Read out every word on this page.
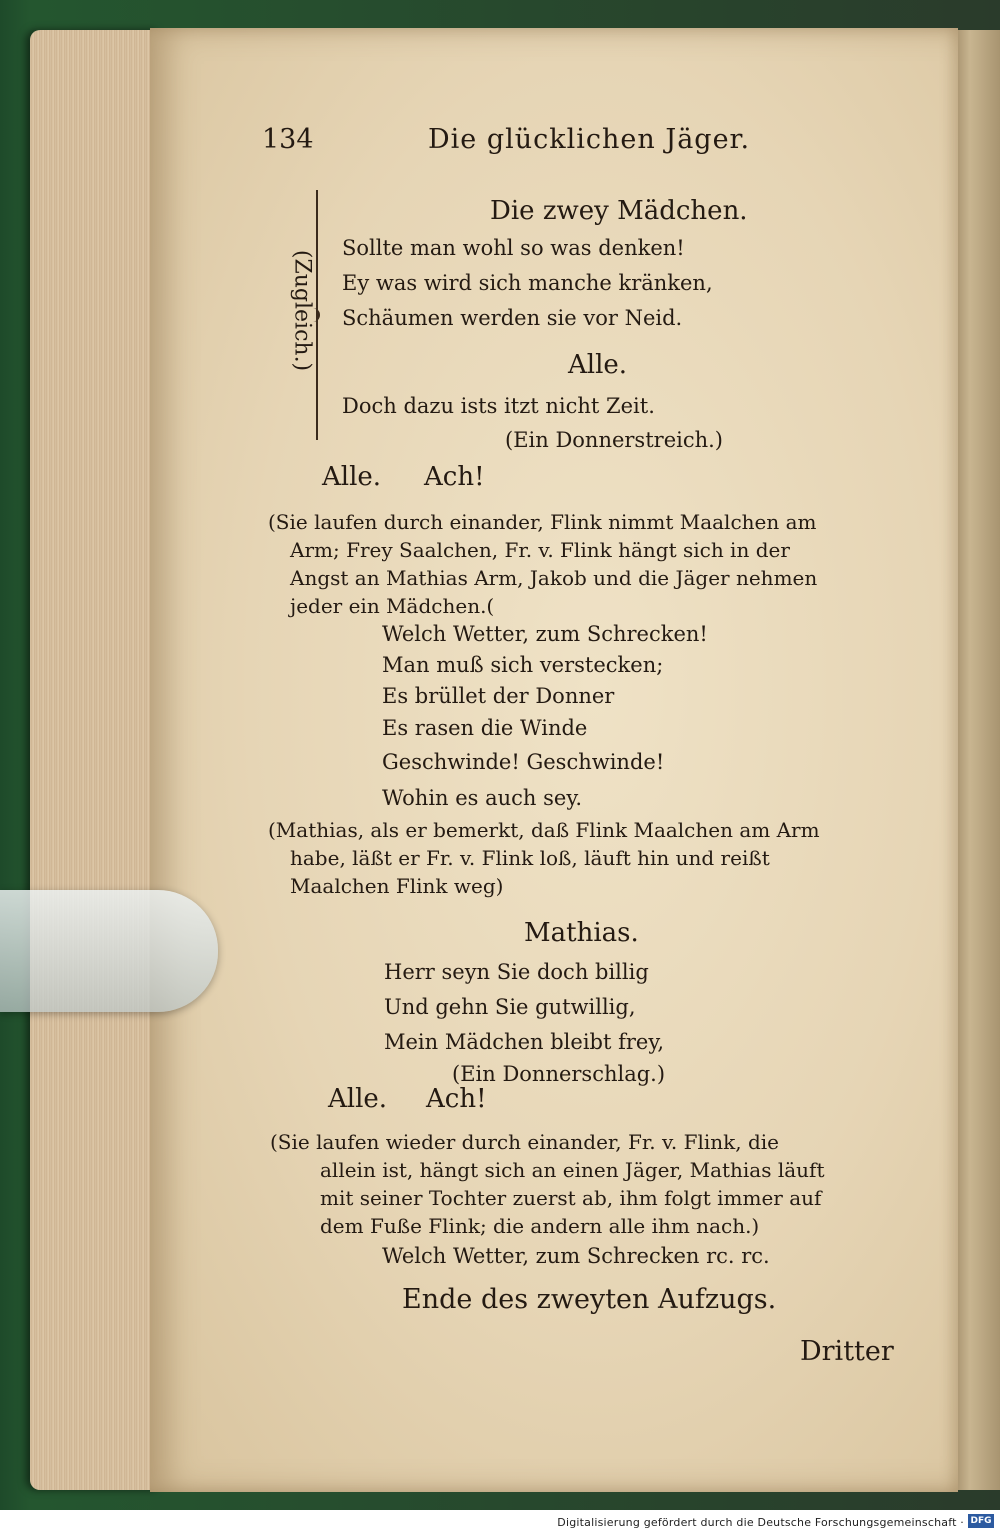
134	Die glücklichen Jäger.
(Zugleich.)
Die zwey Mädchen.
Sollte man wohl so was denken!
Ey was wird sich manche kränken,
Schäumen werden sie vor Neid.
Alle.
Doch dazu ists itzt nicht Zeit.
(Ein Donnerstreich.)
Alle. Ach!
(Sie laufen durch einander, Flink nimmt Maalchen am
Arm; Frey Saalchen, Fr. v. Flink hängt sich in der
Angst an Mathias Arm, Jakob und die Jäger nehmen
jeder ein Mädchen.(
Welch Wetter, zum Schrecken!
Man muß sich verstecken;
Es brüllet der Donner
Es rasen die Winde
Geschwinde! Geschwinde!
Wohin es auch sey.
(Mathias, als er bemerkt, daß Flink Maalchen am Arm
habe, läßt er Fr. v. Flink loß, läuft hin und reißt
Maalchen Flink weg)
Mathias.
Herr seyn Sie doch billig
Und gehn Sie gutwillig,
Mein Mädchen bleibt frey,
(Ein Donnerschlag.)
Alle. Ach!
(Sie laufen wieder durch einander, Fr. v. Flink, die
allein ist, hängt sich an einen Jäger, Mathias läuft
mit seiner Tochter zuerst ab, ihm folgt immer auf
dem Fuße Flink; die andern alle ihm nach.)
Welch Wetter, zum Schrecken rc. rc.
Ende des zweyten Aufzugs.
Dritter
Digitalisierung gefördert durch die Deutsche Forschungsgemeinschaft · DFG
